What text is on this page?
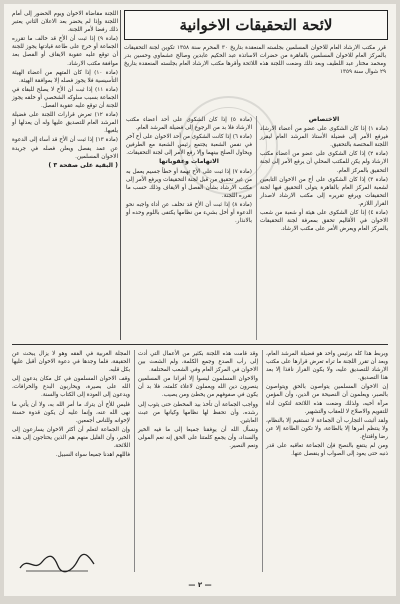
لائحة التحقيقات الاخوانية
قرر مكتب الارشاد العام للاخوان المسلمين بجلسته المنعقدة بتاريخ ٣٠ المحرم سنة ١٣٥٨ تكوين لجنة التحقيقات بالمركز العام للاخوان المسلمين بالقاهرة من حضرات الاساتذة عبد الحكيم عابدين وصالح عشماوي وحسين بدر ومحمد مختار عبد اللطيف وبعد ذلك وضعت اللجنة هذه اللائحة وأقرها مكتب الارشاد العام بجلسته المنعقدة بتاريخ ٢٩ شوال سنة ١٣٥٩

اللجنة مقاضاة الاخوان ويوم الحضور إلى أمام اللجنة وإذا لم يحضر بعد الاعلان الثاني يعتبر ذلك رفضا لأمر اللجنة.

(مادة ٩) إذا ثبت أن الأخ قد خالف ما تقرره الجماعة أو خرج على طاعة قيادتها يجوز للجنة أن توقع عليه عقوبة الايقاف أو الفصل بعد موافقة مكتب الارشاد.

(مادة ١٠) إذا كان المتهم من أعضاء الهيئة التأسيسية فلا يجوز فصله إلا بموافقة الهيئة.

(مادة ١١) إذا ثبت أن الأخ لا يصلح للبقاء في الجماعة بسبب سلوكه الشخصي أو خلقه يجوز للجنة أن توقع عليه عقوبة الفصل.

(مادة ١٢) تعرض قرارات اللجنة على فضيلة المرشد العام للتصديق عليها وله أن يعدلها أو يلغيها.

(مادة ١٣) إذا ثبت أن الأخ قد أساء إلى الدعوة عن عمد يفصل ويعلن فصله في جريدة الاخوان المسلمين.

( البقية على صفحة ٣ )

(مادة ٥) إذا كان الشكوى على أحد أعضاء مكتب الارشاد فلا بد من الرجوع إلى فضيلة المرشد العام.

(مادة ٦) إذا كانت الشكوى من أحد الاخوان على أخ آخر في نفس الشعبة يجتمع رئيس الشعبة مع الطرفين ويحاول الصلح بينهما وإلا رفع الأمر إلى لجنة التحقيقات.

الاتهامات وعقوباتها

(مادة ٧) إذا ثبت على الأخ تهمة أو خطأ جسيم يعمل به من غير تحقيق من قبل لجنة التحقيقات ويرفع الأمر إلى مكتب الارشاد بشأن الفصل أو الايقاف وذلك حسب ما تقرره اللجنة.

(مادة ٨) إذا ثبت أن الأخ قد تخلف عن أداء واجبه نحو الدعوة أو أخل بشيء من نظامها يكتفى باللوم وحده أو بالانذار.

الاختصاص

(مادة ١) إذا كان الشكوى على عضو من أعضاء الارشاد فيرفع الأمر إلى فضيلة الأستاذ المرشد العام ليقرر اللجنة المختصة بالتحقيق.

(مادة ٢) إذا كان الشكوى على عضو من أعضاء مكتب الارشاد ولم يكن للمكتب المحلي أن يرفع الأمر إلى لجنة التحقيق بالمركز العام.

(مادة ٣) إذا كان الشكوى على أخ من الاخوان التابعين لشعبة المركز العام بالقاهرة يتولى التحقيق فيها لجنة التحقيقات ويرفع تقريره إلى مكتب الارشاد لاصدار القرار اللازم.

(مادة ٤) إذا كان الشكوى على هيئة أو شعبة من شعب الاخوان في الأقاليم تحقق بمعرفة لجنة التحقيقات بالمركز العام ويعرض الأمر على مكتب الارشاد.

وبربط هذا كله برئيس واحد هو فضيلة المرشد العام، وبعد أن تقرر اللجنة ما تراه تعرض قرارها على مكتب الارشاد للتصديق عليه، ولا يكون القرار نافذا إلا بعد هذا التصديق.

إن الاخوان المسلمين يتواصون بالحق ويتواصون بالصبر، ويعلمون أن النصيحة من الدين، وأن المؤمن مرآة أخيه، ولذلك وضعت هذه اللائحة لتكون أداة للتقويم والاصلاح لا للعقاب والتشهير.

ولقد أثبتت التجارب أن الجماعة لا تستقيم إلا بالنظام، ولا ينتظم أمرها إلا بالطاعة، ولا تكون الطاعة إلا عن رضا واقتناع.

ومن لم ينتفع بالنصح فإن الجماعة تعاقبه على قدر ذنبه حتى يعود إلى الصواب أو ينفصل عنها.

وقد قامت هذه اللجنة بكثير من الأعمال التي أدت إلى رأب الصدع وجمع الكلمة، ولم الشعث بين الاخوان في المركز العام وفي الشعب المختلفة.

والاخوان المسلمون ليسوا إلا أفرادا من المسلمين ينصرون دين الله ويعملون لاعلاء كلمته، فلا بد أن يكون في صفوفهم من يخطئ ومن يصيب.

وواجب الجماعة أن تأخذ بيد المخطئ حتى يثوب إلى رشده، وأن تحفظ لها نظامها وكيانها من عبث العابثين.

ونسأل الله أن يوفقنا جميعا إلى ما فيه الخير والسداد، وأن يجمع كلمتنا على الحق إنه نعم المولى ونعم النصير.

المجلة الغربية في الفقه وهو لا يزال يبحث عن الحقيقة، فلما وجدها في دعوة الاخوان أقبل عليها بكل قلبه.

وقف الاخوان المسلمون في كل مكان يدعون إلى الله على بصيرة، ويحاربون البدع والخرافات، ويدعون إلى العودة إلى الكتاب والسنة.

فليس للأخ أن يترك ما أمر الله به، ولا أن يأتي ما نهى الله عنه، وإنما عليه أن يكون قدوة حسنة لإخوانه وللناس أجمعين.

وإن الجماعة لتعلم أن أكثر الاخوان يسارعون إلى الخير، وأن القليل منهم هم الذين يحتاجون إلى هذه اللائحة.

فاللهم اهدنا جميعا سواء السبيل.

— ٢ —
